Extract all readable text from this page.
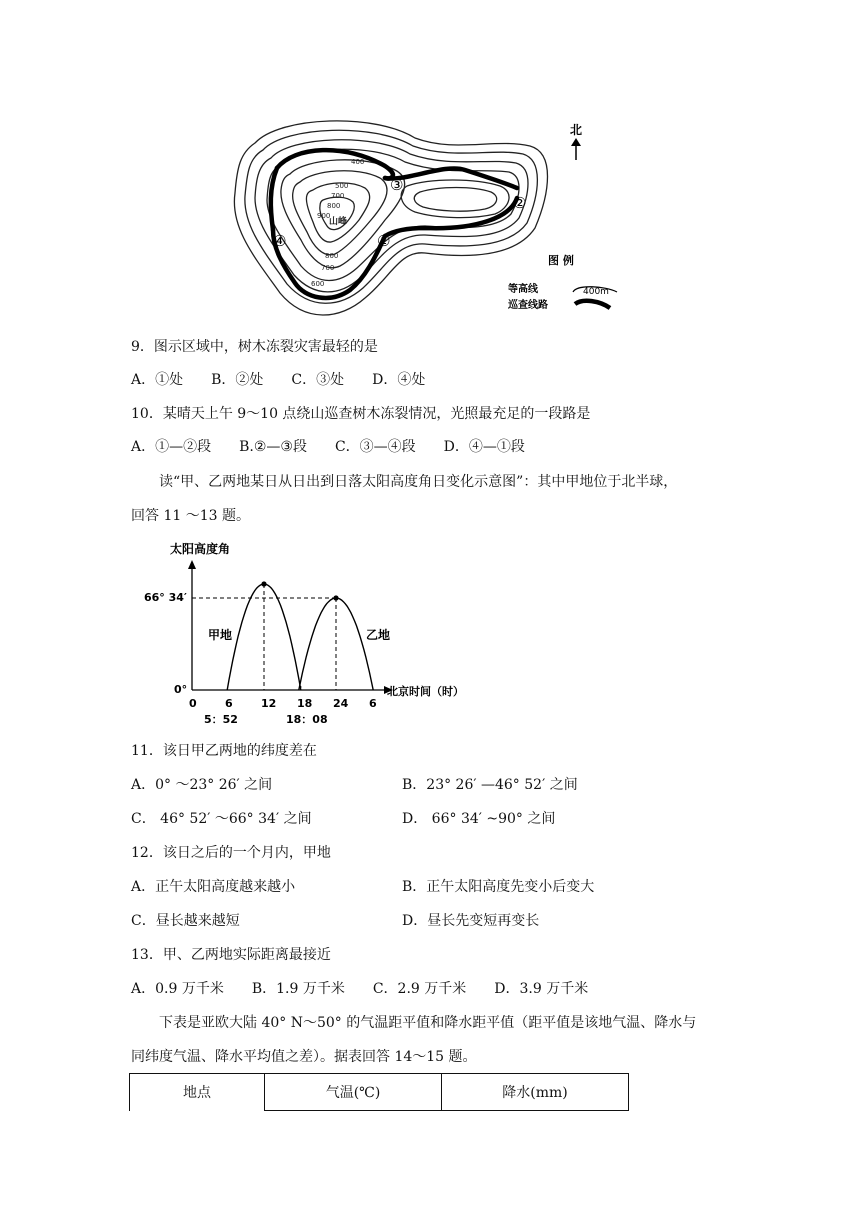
400
500
700
800
900
700
800
600
山峰
①
②
③
④
北
图 例
等高线	400m
巡查线路
9．图示区域中，树木冻裂灾害最轻的是
A．①处　　B．②处　　C．③处　　D．④处
10．某晴天上午 9～10 点绕山巡查树木冻裂情况，光照最充足的一段路是
A．①—②段　　B.②—③段　　C．③—④段　　D．④—①段
读“甲、乙两地某日从日出到日落太阳高度角日变化示意图”：其中甲地位于北半球，
回答 11 ～13 题。
太阳高度角
北京时间（时）
0°
66° 34′
0	6	12 18 24 6
甲地	乙地
5：52	18：08
11．该日甲乙两地的纬度差在
A．0° ～23° 26′ 之间	B．23° 26′ —46° 52′ 之间
C． 46° 52′ ～66° 34′ 之间	D． 66° 34′ ~90° 之间
12．该日之后的一个月内，甲地
A．正午太阳高度越来越小	B．正午太阳高度先变小后变大
C．昼长越来越短	D．昼长先变短再变长
13．甲、乙两地实际距离最接近
A．0.9 万千米　　B．1.9 万千米　　C．2.9 万千米　　D．3.9 万千米
下表是亚欧大陆 40° N～50° 的气温距平值和降水距平值（距平值是该地气温、降水与
同纬度气温、降水平均值之差）。据表回答 14～15 题。
地点	气温(℃)	降水(mm)
